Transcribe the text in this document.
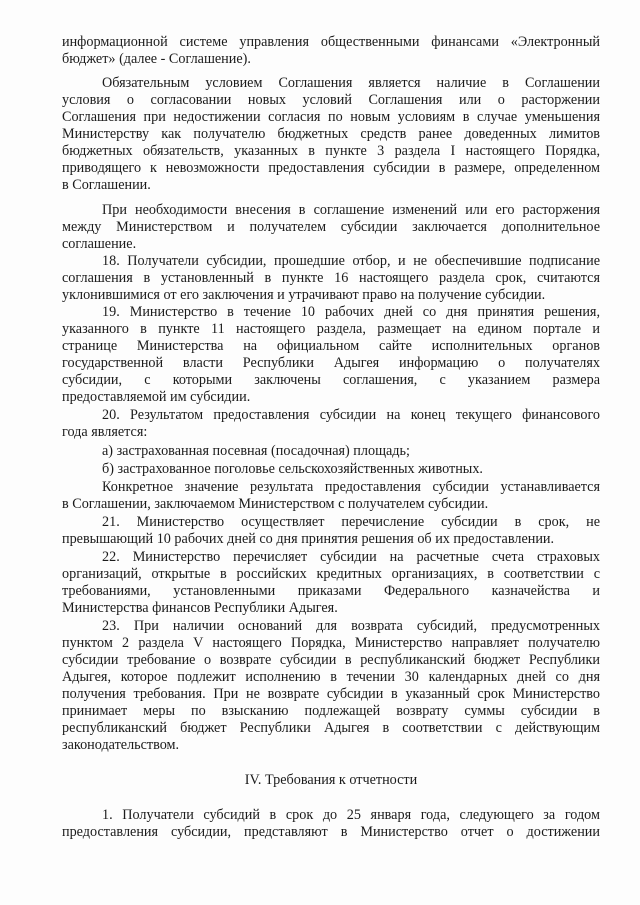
информационной системе управления общественными финансами «Электронный
бюджет» (далее - Соглашение).
Обязательным условием Соглашения является наличие в Соглашении
условия о согласовании новых условий Соглашения или о расторжении
Соглашения при недостижении согласия по новым условиям в случае уменьшения
Министерству как получателю бюджетных средств ранее доведенных лимитов
бюджетных обязательств, указанных в пункте 3 раздела I настоящего Порядка,
приводящего к невозможности предоставления субсидии в размере, определенном
в Соглашении.
При необходимости внесения в соглашение изменений или его расторжения
между Министерством и получателем субсидии заключается дополнительное
соглашение.
18. Получатели субсидии, прошедшие отбор, и не обеспечившие подписание
соглашения в установленный в пункте 16 настоящего раздела срок, считаются
уклонившимися от его заключения и утрачивают право на получение субсидии.
19. Министерство в течение 10 рабочих дней со дня принятия решения,
указанного в пункте 11 настоящего раздела, размещает на едином портале и
странице Министерства на официальном сайте исполнительных органов
государственной власти Республики Адыгея информацию о получателях
субсидии, с которыми заключены соглашения, с указанием размера
предоставляемой им субсидии.
20. Результатом предоставления субсидии на конец текущего финансового
года является:
а) застрахованная посевная (посадочная) площадь;
б) застрахованное поголовье сельскохозяйственных животных.
Конкретное значение результата предоставления субсидии устанавливается
в Соглашении, заключаемом Министерством с получателем субсидии.
21. Министерство осуществляет перечисление субсидии в срок, не
превышающий 10 рабочих дней со дня принятия решения об их предоставлении.
22. Министерство перечисляет субсидии на расчетные счета страховых
организаций, открытые в российских кредитных организациях, в соответствии с
требованиями, установленными приказами Федерального казначейства и
Министерства финансов Республики Адыгея.
23. При наличии оснований для возврата субсидий, предусмотренных
пунктом 2 раздела V настоящего Порядка, Министерство направляет получателю
субсидии требование о возврате субсидии в республиканский бюджет Республики
Адыгея, которое подлежит исполнению в течении 30 календарных дней со дня
получения требования. При не возврате субсидии в указанный срок Министерство
принимает меры по взысканию подлежащей возврату суммы субсидии в
республиканский бюджет Республики Адыгея в соответствии с действующим
законодательством.
IV. Требования к отчетности
1. Получатели субсидий в срок до 25 января года, следующего за годом
предоставления субсидии, представляют в Министерство отчет о достижении
